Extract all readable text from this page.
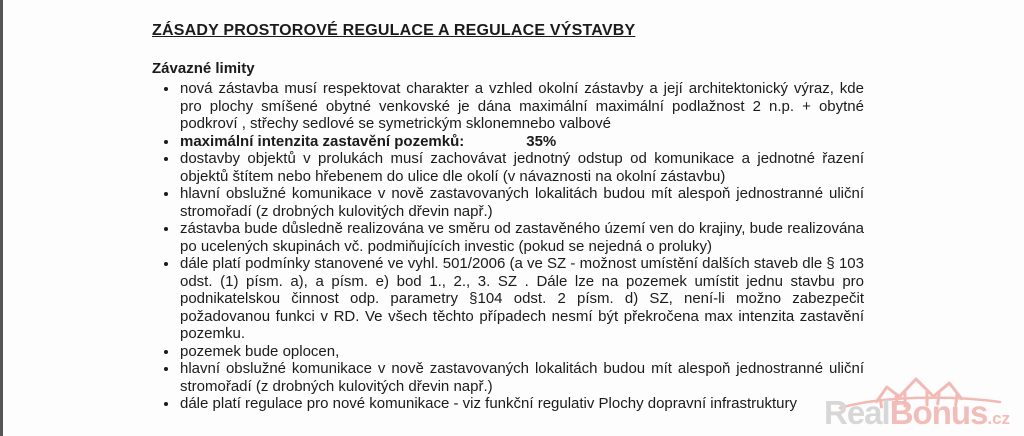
ZÁSADY PROSTOROVÉ REGULACE A REGULACE VÝSTAVBY
Závazné limity
• nová zástavba musí respektovat charakter a vzhled okolní zástavby a její architektonický výraz, kde pro plochy smíšené obytné venkovské je dána maximální maximální podlažnost 2 n.p. + obytné podkroví , střechy sedlové se symetrickým sklonemnebo valbové
• maximální intenzita zastavění pozemků:	35%
• dostavby objektů v prolukách musí zachovávat jednotný odstup od komunikace a jednotné řazení objektů štítem nebo hřebenem do ulice dle okolí (v návaznosti na okolní zástavbu)
• hlavní obslužné komunikace v nově zastavovaných lokalitách budou mít alespoň jednostranné uliční stromořadí (z drobných kulovitých dřevin např.)
• zástavba bude důsledně realizována ve směru od zastavěného území ven do krajiny, bude realizována po ucelených skupinách vč. podmiňujících investic (pokud se nejedná o proluky)
• dále platí podmínky stanovené ve vyhl. 501/2006 (a ve SZ - možnost umístění dalších staveb dle § 103 odst. (1) písm. a), a písm. e) bod 1., 2., 3. SZ . Dále lze na pozemek umístit jednu stavbu pro podnikatelskou činnost odp. parametry §104 odst. 2 písm. d) SZ, není-li možno zabezpečit požadovanou funkci v RD. Ve všech těchto případech nesmí být překročena max intenzita zastavění pozemku.
• pozemek bude oplocen,
• hlavní obslužné komunikace v nově zastavovaných lokalitách budou mít alespoň jednostranné uliční stromořadí (z drobných kulovitých dřevin např.)
• dále platí regulace pro nové komunikace - viz funkční regulativ Plochy dopravní infrastruktury RealBonus.cz
